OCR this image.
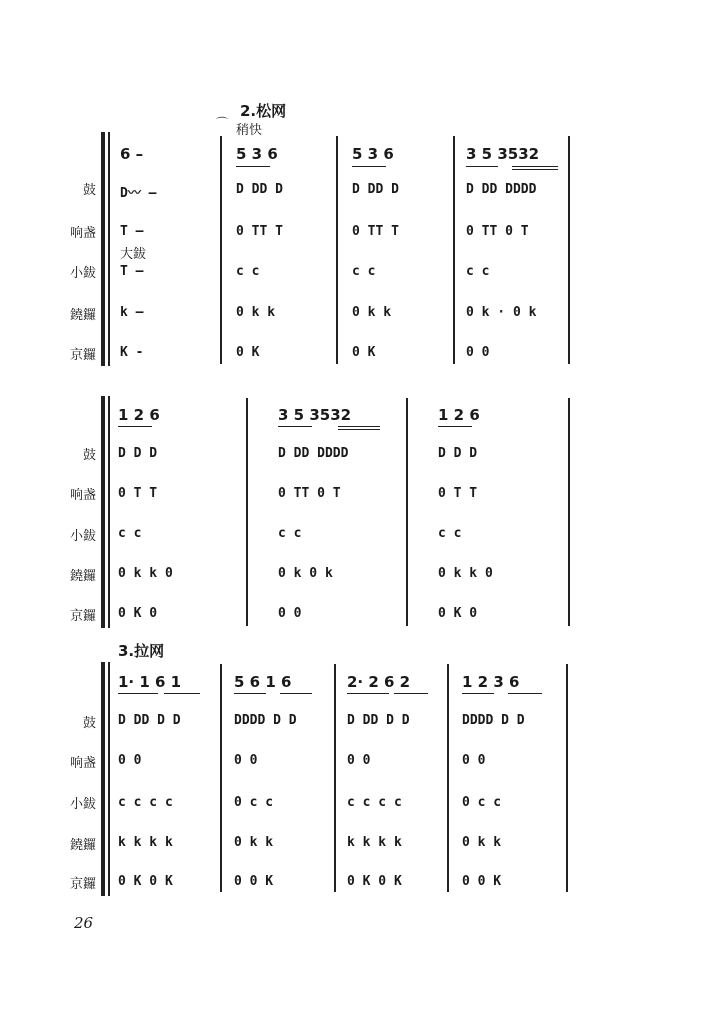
2.松网
⌒ 稍快
鼓
响盏
小鈸
鐃鑼
京鑼
大鈸
6 –	5 3 6	5 3 6	3 5 3532
D〰 –	D DD D	D DD D	D DD DDDD
T –	0 TT T	0 TT T	0 TT 0 T
T –	c c	c c	c c
k –	0 k k	0 k k	0 k · 0 k
K -	0 K	0 K	0 0
鼓
响盏
小鈸
鐃鑼
京鑼
1 2 6	3 5 3532	1 2 6
D D D	D DD DDDD	D D D
0 T T	0 TT 0 T	0 T T
c c	c c	c c
0 k k 0	0 k 0 k	0 k k 0
0 K 0	0 0	0 K 0
3.拉网
鼓
响盏
小鈸
鐃鑼
京鑼
1· 1 6 1	5 6 1 6	2· 2 6 2	1 2 3 6
D DD D D	DDDD D D	D DD D D	DDDD D D
0 0	0 0	0 0	0 0
c c c c	0 c c	c c c c	0 c c
k k k k	0 k k	k k k k	0 k k
0 K 0 K	0 0 K	0 K 0 K	0 0 K
26
